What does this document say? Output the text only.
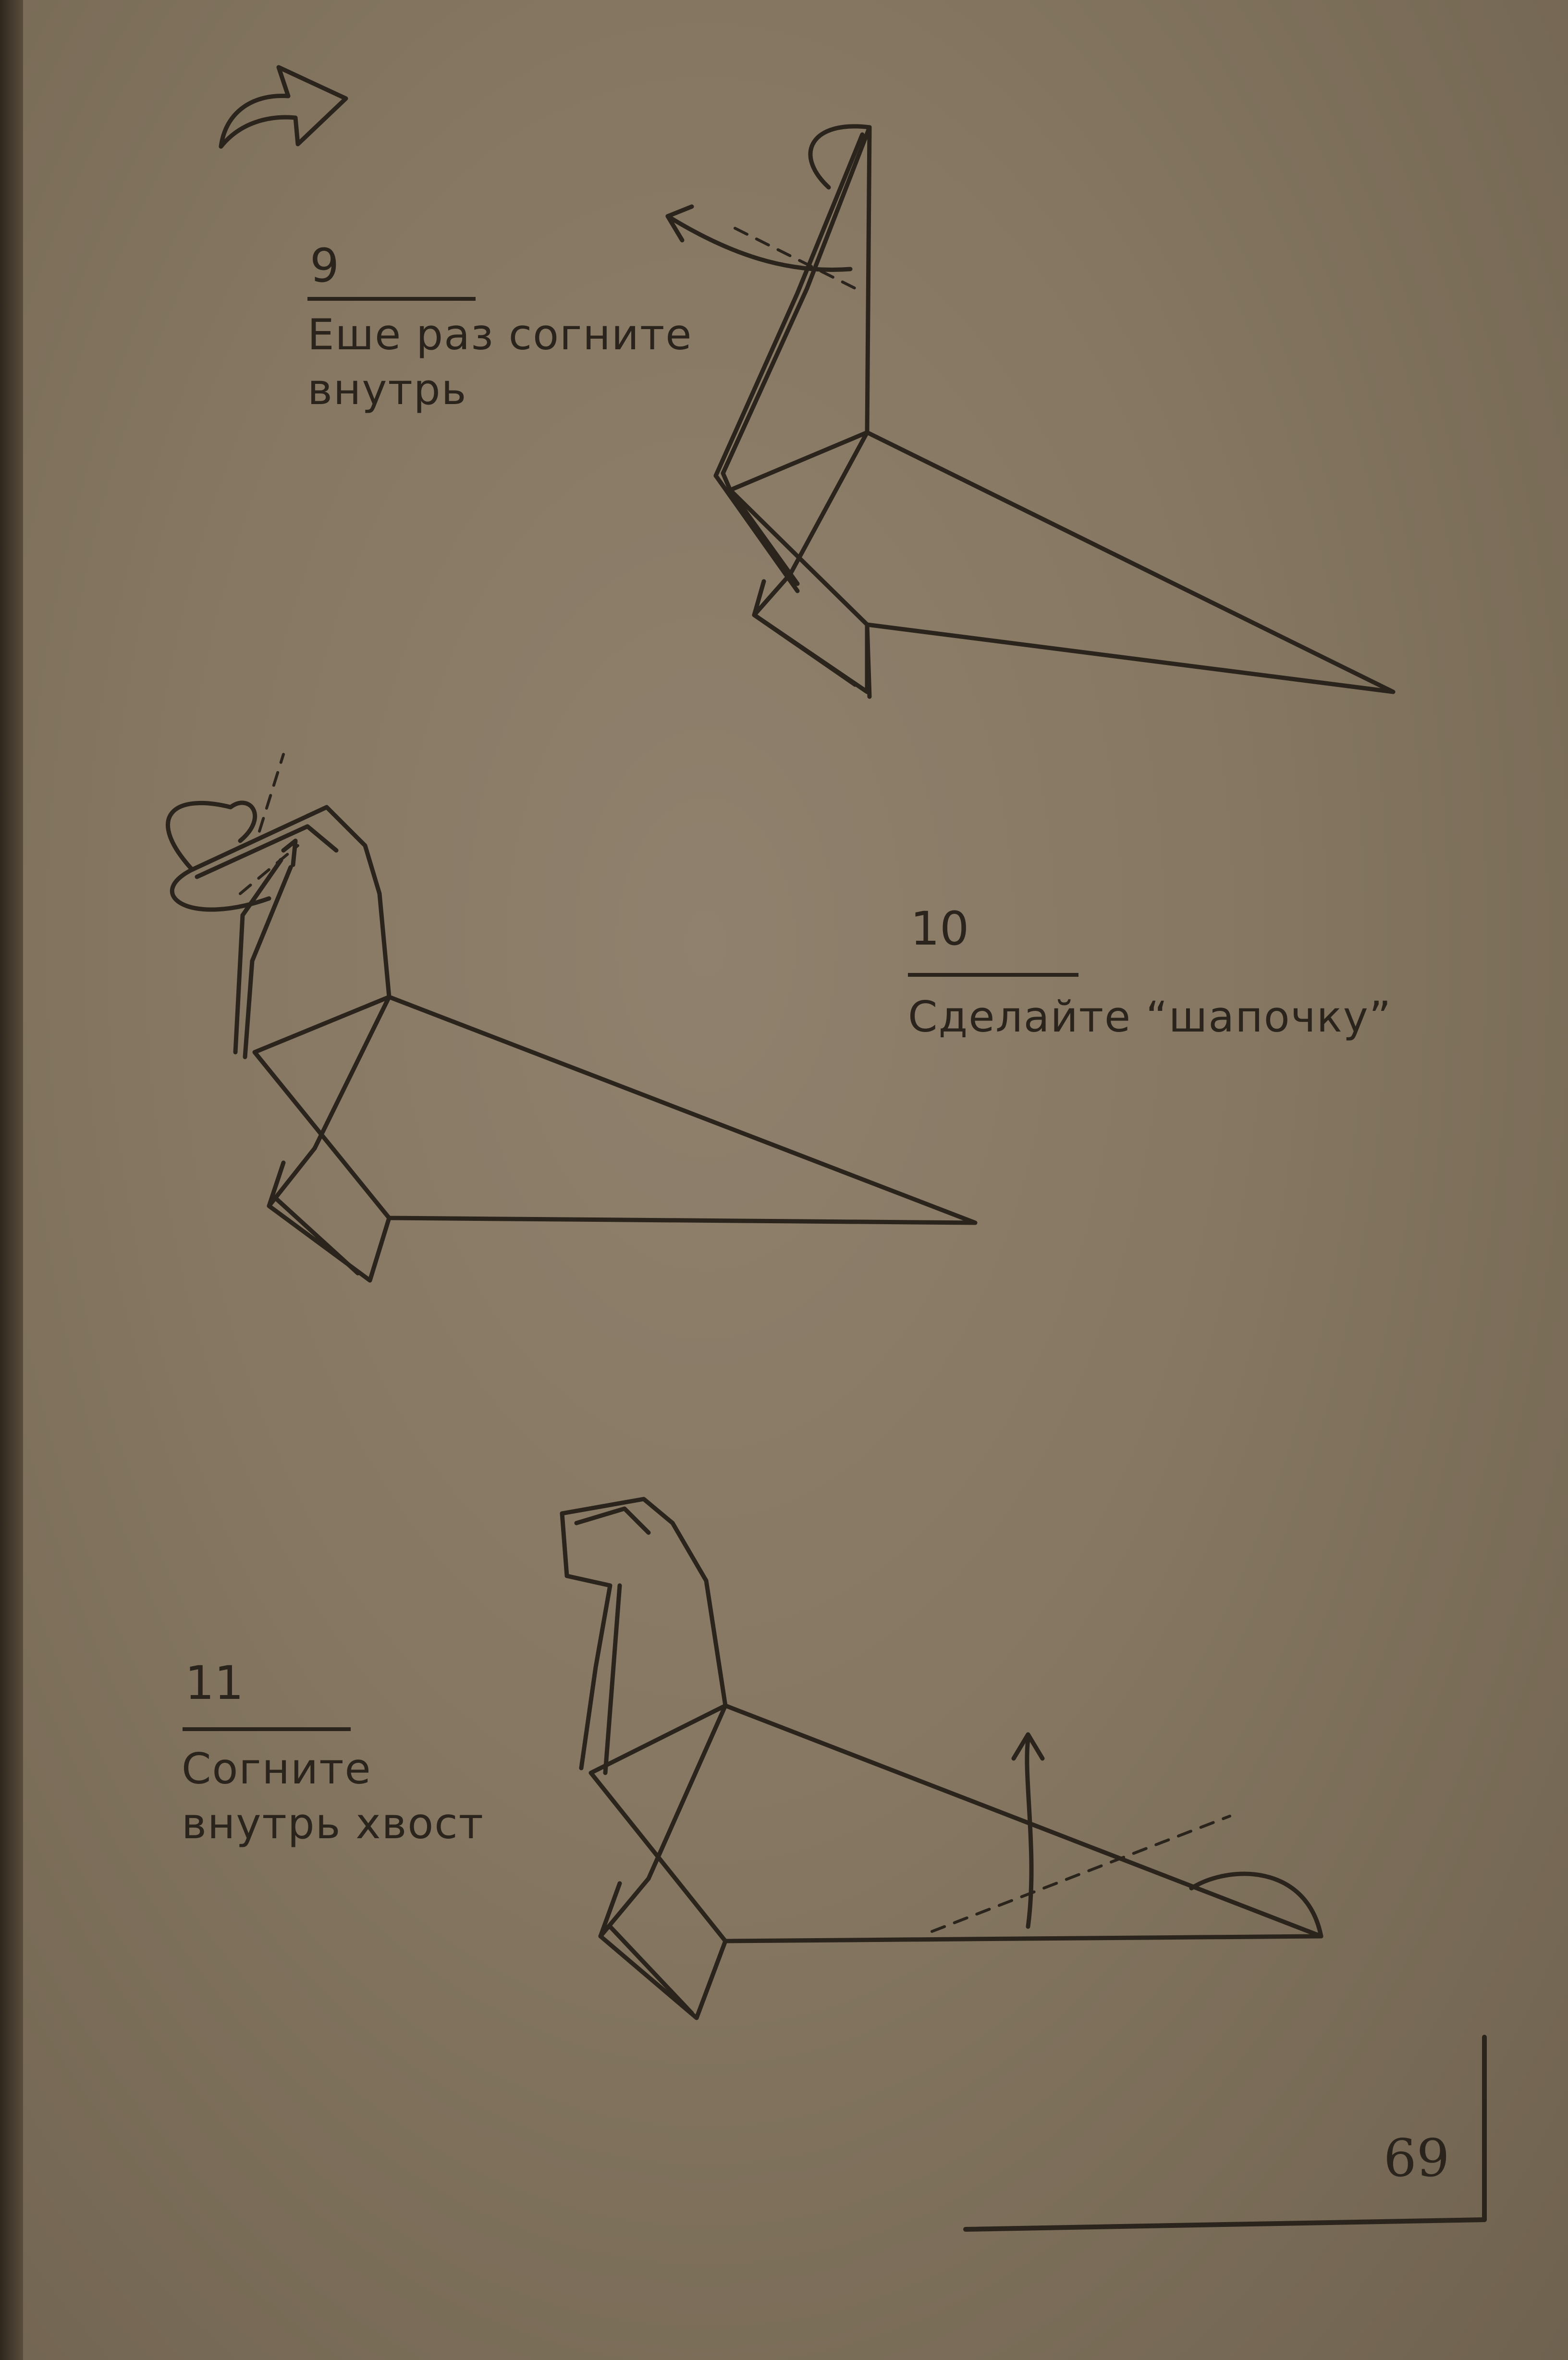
9
Еше раз согните
внутрь
10
Сделайте “шапочку”
11
Согните
внутрь хвост
69
